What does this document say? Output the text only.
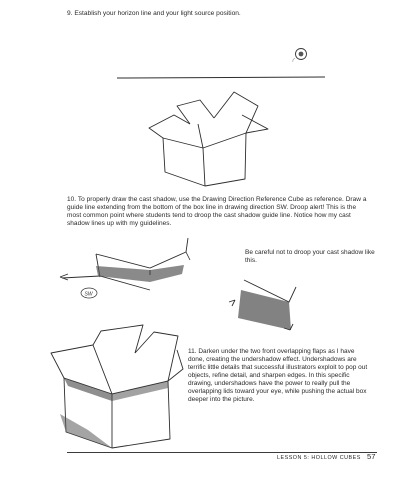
9. Establish your horizon line and your light source position.

SW

10. To properly draw the cast shadow, use the Drawing Direction Reference Cube as reference. Draw a guide line extending from the bottom of the box line in drawing direction SW. Droop alert! This is the most common point where students tend to droop the cast shadow guide line. Notice how my cast shadow lines up with my guidelines.

Be careful not to droop your cast shadow like this.

11. Darken under the two front overlapping flaps as I have done, creating the undershadow effect. Undershadows are terrific little details that successful illustrators exploit to pop out objects, refine detail, and sharpen edges. In this specific drawing, undershadows have the power to really pull the overlapping lids toward your eye, while pushing the actual box deeper into the picture.

LESSON 5: HOLLOW CUBES 57
